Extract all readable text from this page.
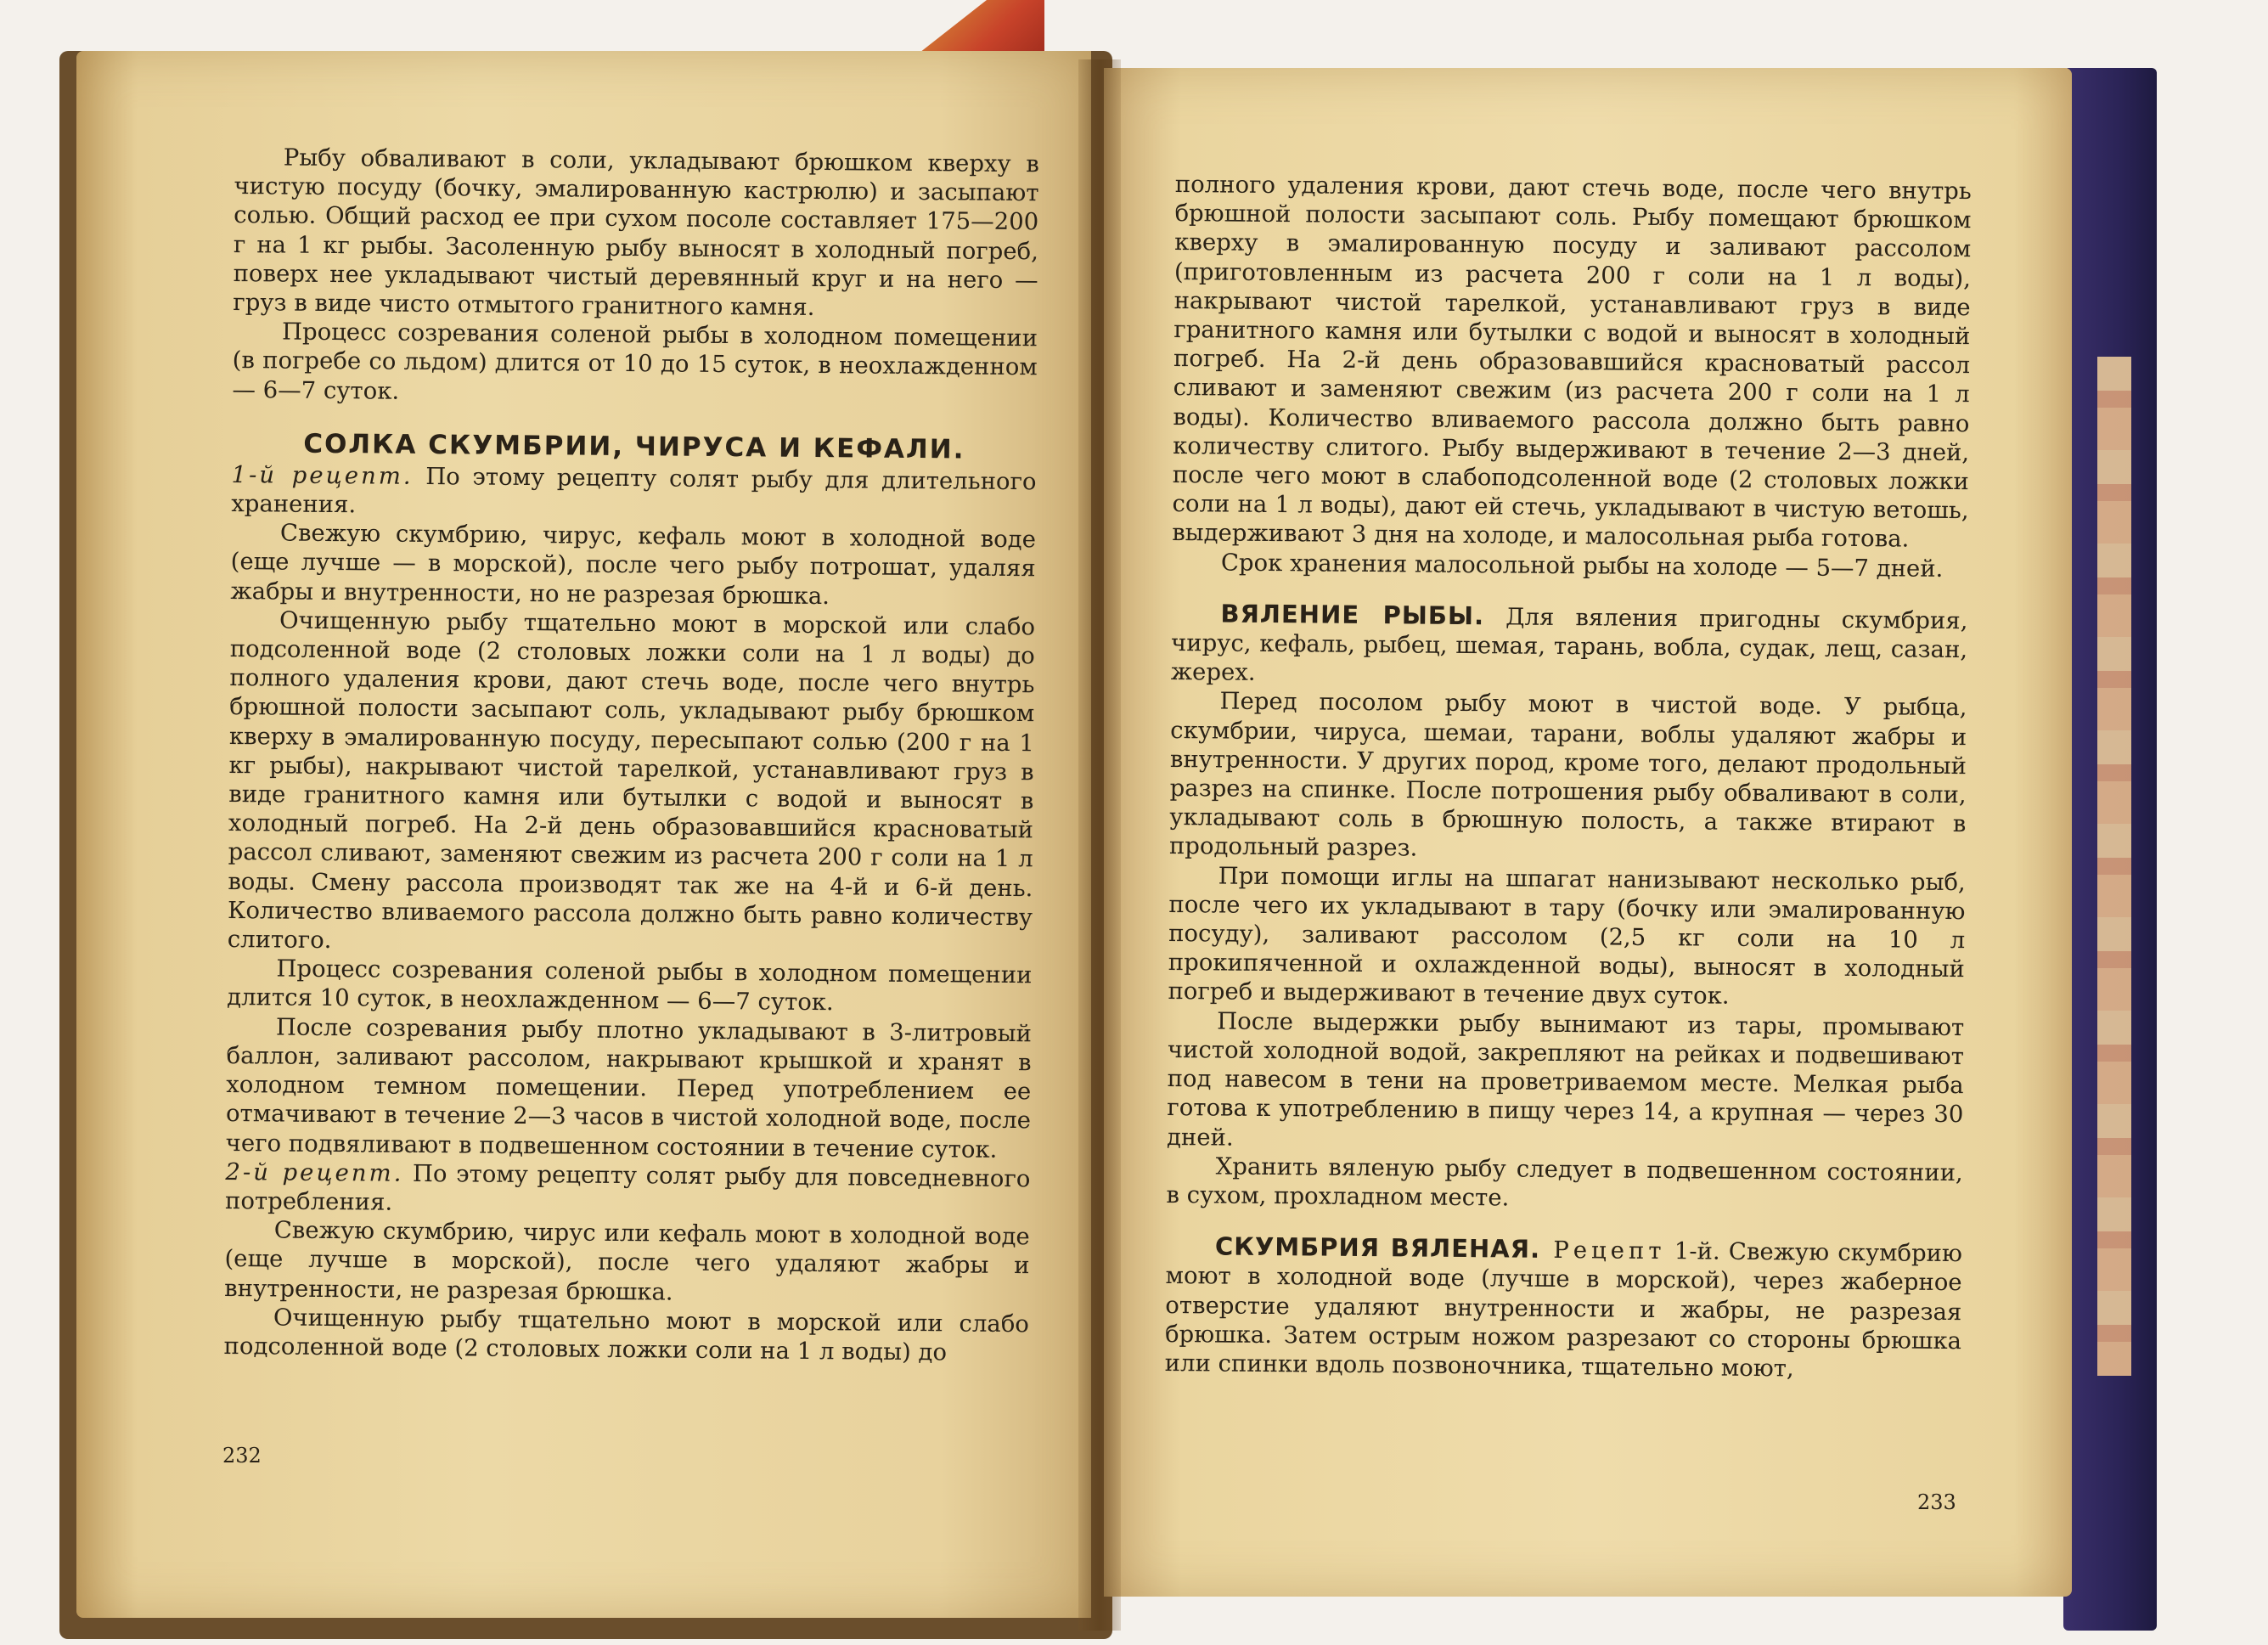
Рыбу обваливают в соли, укладывают брюшком кверху в чистую посуду (бочку, эмалированную кастрюлю) и засыпают солью. Общий расход ее при сухом посоле составляет 175—200 г на 1 кг рыбы. Засоленную рыбу выносят в холодный погреб, поверх нее укладывают чистый деревянный круг и на него — груз в виде чисто отмытого гранитного камня.

Процесс созревания соленой рыбы в холодном помещении (в погребе со льдом) длится от 10 до 15 суток, в неохлажденном — 6—7 суток.

СОЛКА СКУМБРИИ, ЧИРУСА И КЕФАЛИ.

1-й рецепт. По этому рецепту солят рыбу для длительного хранения.

Свежую скумбрию, чирус, кефаль моют в холодной воде (еще лучше — в морской), после чего рыбу потрошат, удаляя жабры и внутренности, но не разрезая брюшка.

Очищенную рыбу тщательно моют в морской или слабо подсоленной воде (2 столовых ложки соли на 1 л воды) до полного удаления крови, дают стечь воде, после чего внутрь брюшной полости засыпают соль, укладывают рыбу брюшком кверху в эмалированную посуду, пересыпают солью (200 г на 1 кг рыбы), накрывают чистой тарелкой, устанавливают груз в виде гранитного камня или бутылки с водой и выносят в холодный погреб. На 2-й день образовавшийся красноватый рассол сливают, заменяют свежим из расчета 200 г соли на 1 л воды. Смену рассола производят так же на 4-й и 6-й день. Количество вливаемого рассола должно быть равно количеству слитого.

Процесс созревания соленой рыбы в холодном помещении длится 10 суток, в неохлажденном — 6—7 суток.

После созревания рыбу плотно укладывают в 3-литровый баллон, заливают рассолом, накрывают крышкой и хранят в холодном темном помещении. Перед употреблением ее отмачивают в течение 2—3 часов в чистой холодной воде, после чего подвяливают в подвешенном состоянии в течение суток.

2-й рецепт. По этому рецепту солят рыбу для повседневного потребления.

Свежую скумбрию, чирус или кефаль моют в холодной воде (еще лучше в морской), после чего удаляют жабры и внутренности, не разрезая брюшка.

Очищенную рыбу тщательно моют в морской или слабо подсоленной воде (2 столовых ложки соли на 1 л воды) до

полного удаления крови, дают стечь воде, после чего внутрь брюшной полости засыпают соль. Рыбу помещают брюшком кверху в эмалированную посуду и заливают рассолом (приготовленным из расчета 200 г соли на 1 л воды), накрывают чистой тарелкой, устанавливают груз в виде гранитного камня или бутылки с водой и выносят в холодный погреб. На 2-й день образовавшийся красноватый рассол сливают и заменяют свежим (из расчета 200 г соли на 1 л воды). Количество вливаемого рассола должно быть равно количеству слитого. Рыбу выдерживают в течение 2—3 дней, после чего моют в слабоподсоленной воде (2 столовых ложки соли на 1 л воды), дают ей стечь, укладывают в чистую ветошь, выдерживают 3 дня на холоде, и малосольная рыба готова.

Срок хранения малосольной рыбы на холоде — 5—7 дней.

ВЯЛЕНИЕ РЫБЫ. Для вяления пригодны скумбрия, чирус, кефаль, рыбец, шемая, тарань, вобла, судак, лещ, сазан, жерех.

Перед посолом рыбу моют в чистой воде. У рыбца, скумбрии, чируса, шемаи, тарани, воблы удаляют жабры и внутренности. У других пород, кроме того, делают продольный разрез на спинке. После потрошения рыбу обваливают в соли, укладывают соль в брюшную полость, а также втирают в продольный разрез.

При помощи иглы на шпагат нанизывают несколько рыб, после чего их укладывают в тару (бочку или эмалированную посуду), заливают рассолом (2,5 кг соли на 10 л прокипяченной и охлажденной воды), выносят в холодный погреб и выдерживают в течение двух суток.

После выдержки рыбу вынимают из тары, промывают чистой холодной водой, закрепляют на рейках и подвешивают под навесом в тени на проветриваемом месте. Мелкая рыба готова к употреблению в пищу через 14, а крупная — через 30 дней.

Хранить вяленую рыбу следует в подвешенном состоянии, в сухом, прохладном месте.

СКУМБРИЯ ВЯЛЕНАЯ. Рецепт 1-й. Свежую скумбрию моют в холодной воде (лучше в морской), через жаберное отверстие удаляют внутренности и жабры, не разрезая брюшка. Затем острым ножом разрезают со стороны брюшка или спинки вдоль позвоночника, тщательно моют,

232
233
